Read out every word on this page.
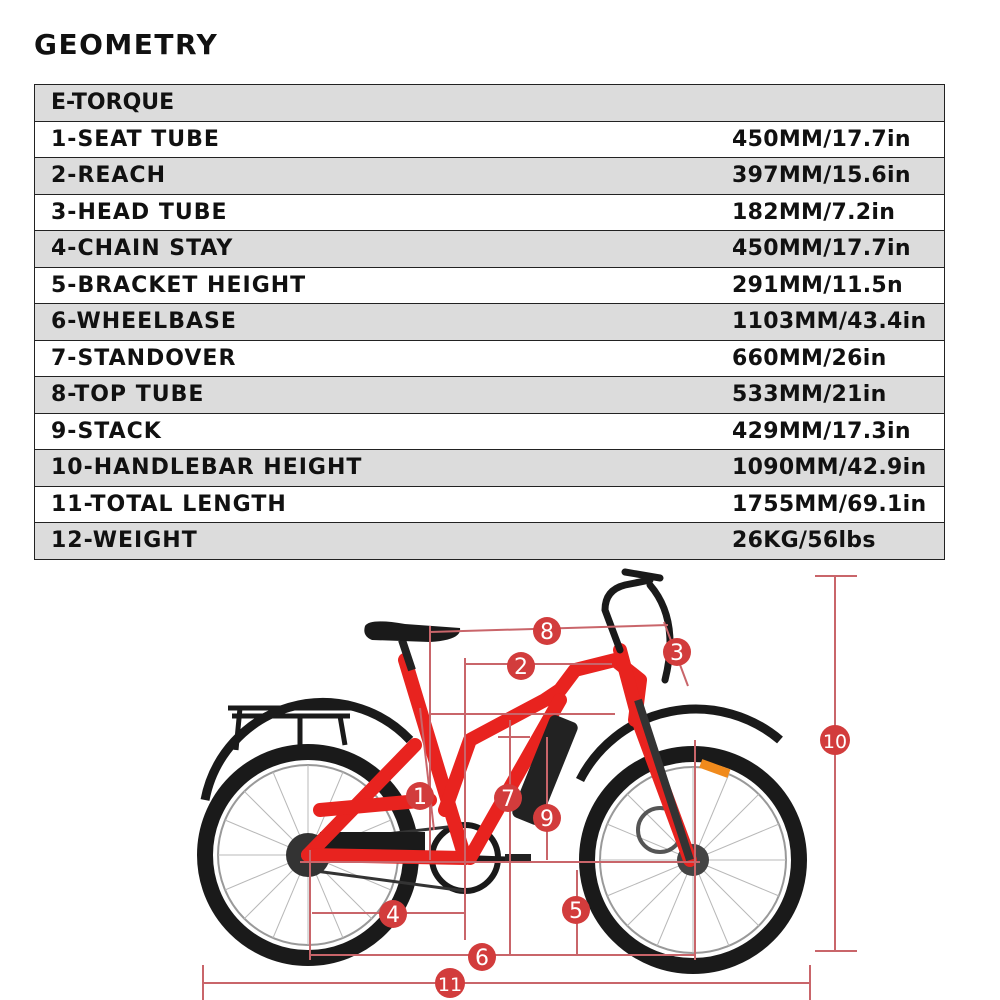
GEOMETRY
E-TORQUE	
1-SEAT TUBE	450MM/17.7in
2-REACH	397MM/15.6in
3-HEAD TUBE	182MM/7.2in
4-CHAIN STAY	450MM/17.7in
5-BRACKET HEIGHT	291MM/11.5n
6-WHEELBASE	1103MM/43.4in
7-STANDOVER	660MM/26in
8-TOP TUBE	533MM/21in
9-STACK	429MM/17.3in
10-HANDLEBAR HEIGHT	1090MM/42.9in
11-TOTAL LENGTH	1755MM/69.1in
12-WEIGHT	26KG/56lbs
1
2
3
4	5
6
7
8
9
10
11
